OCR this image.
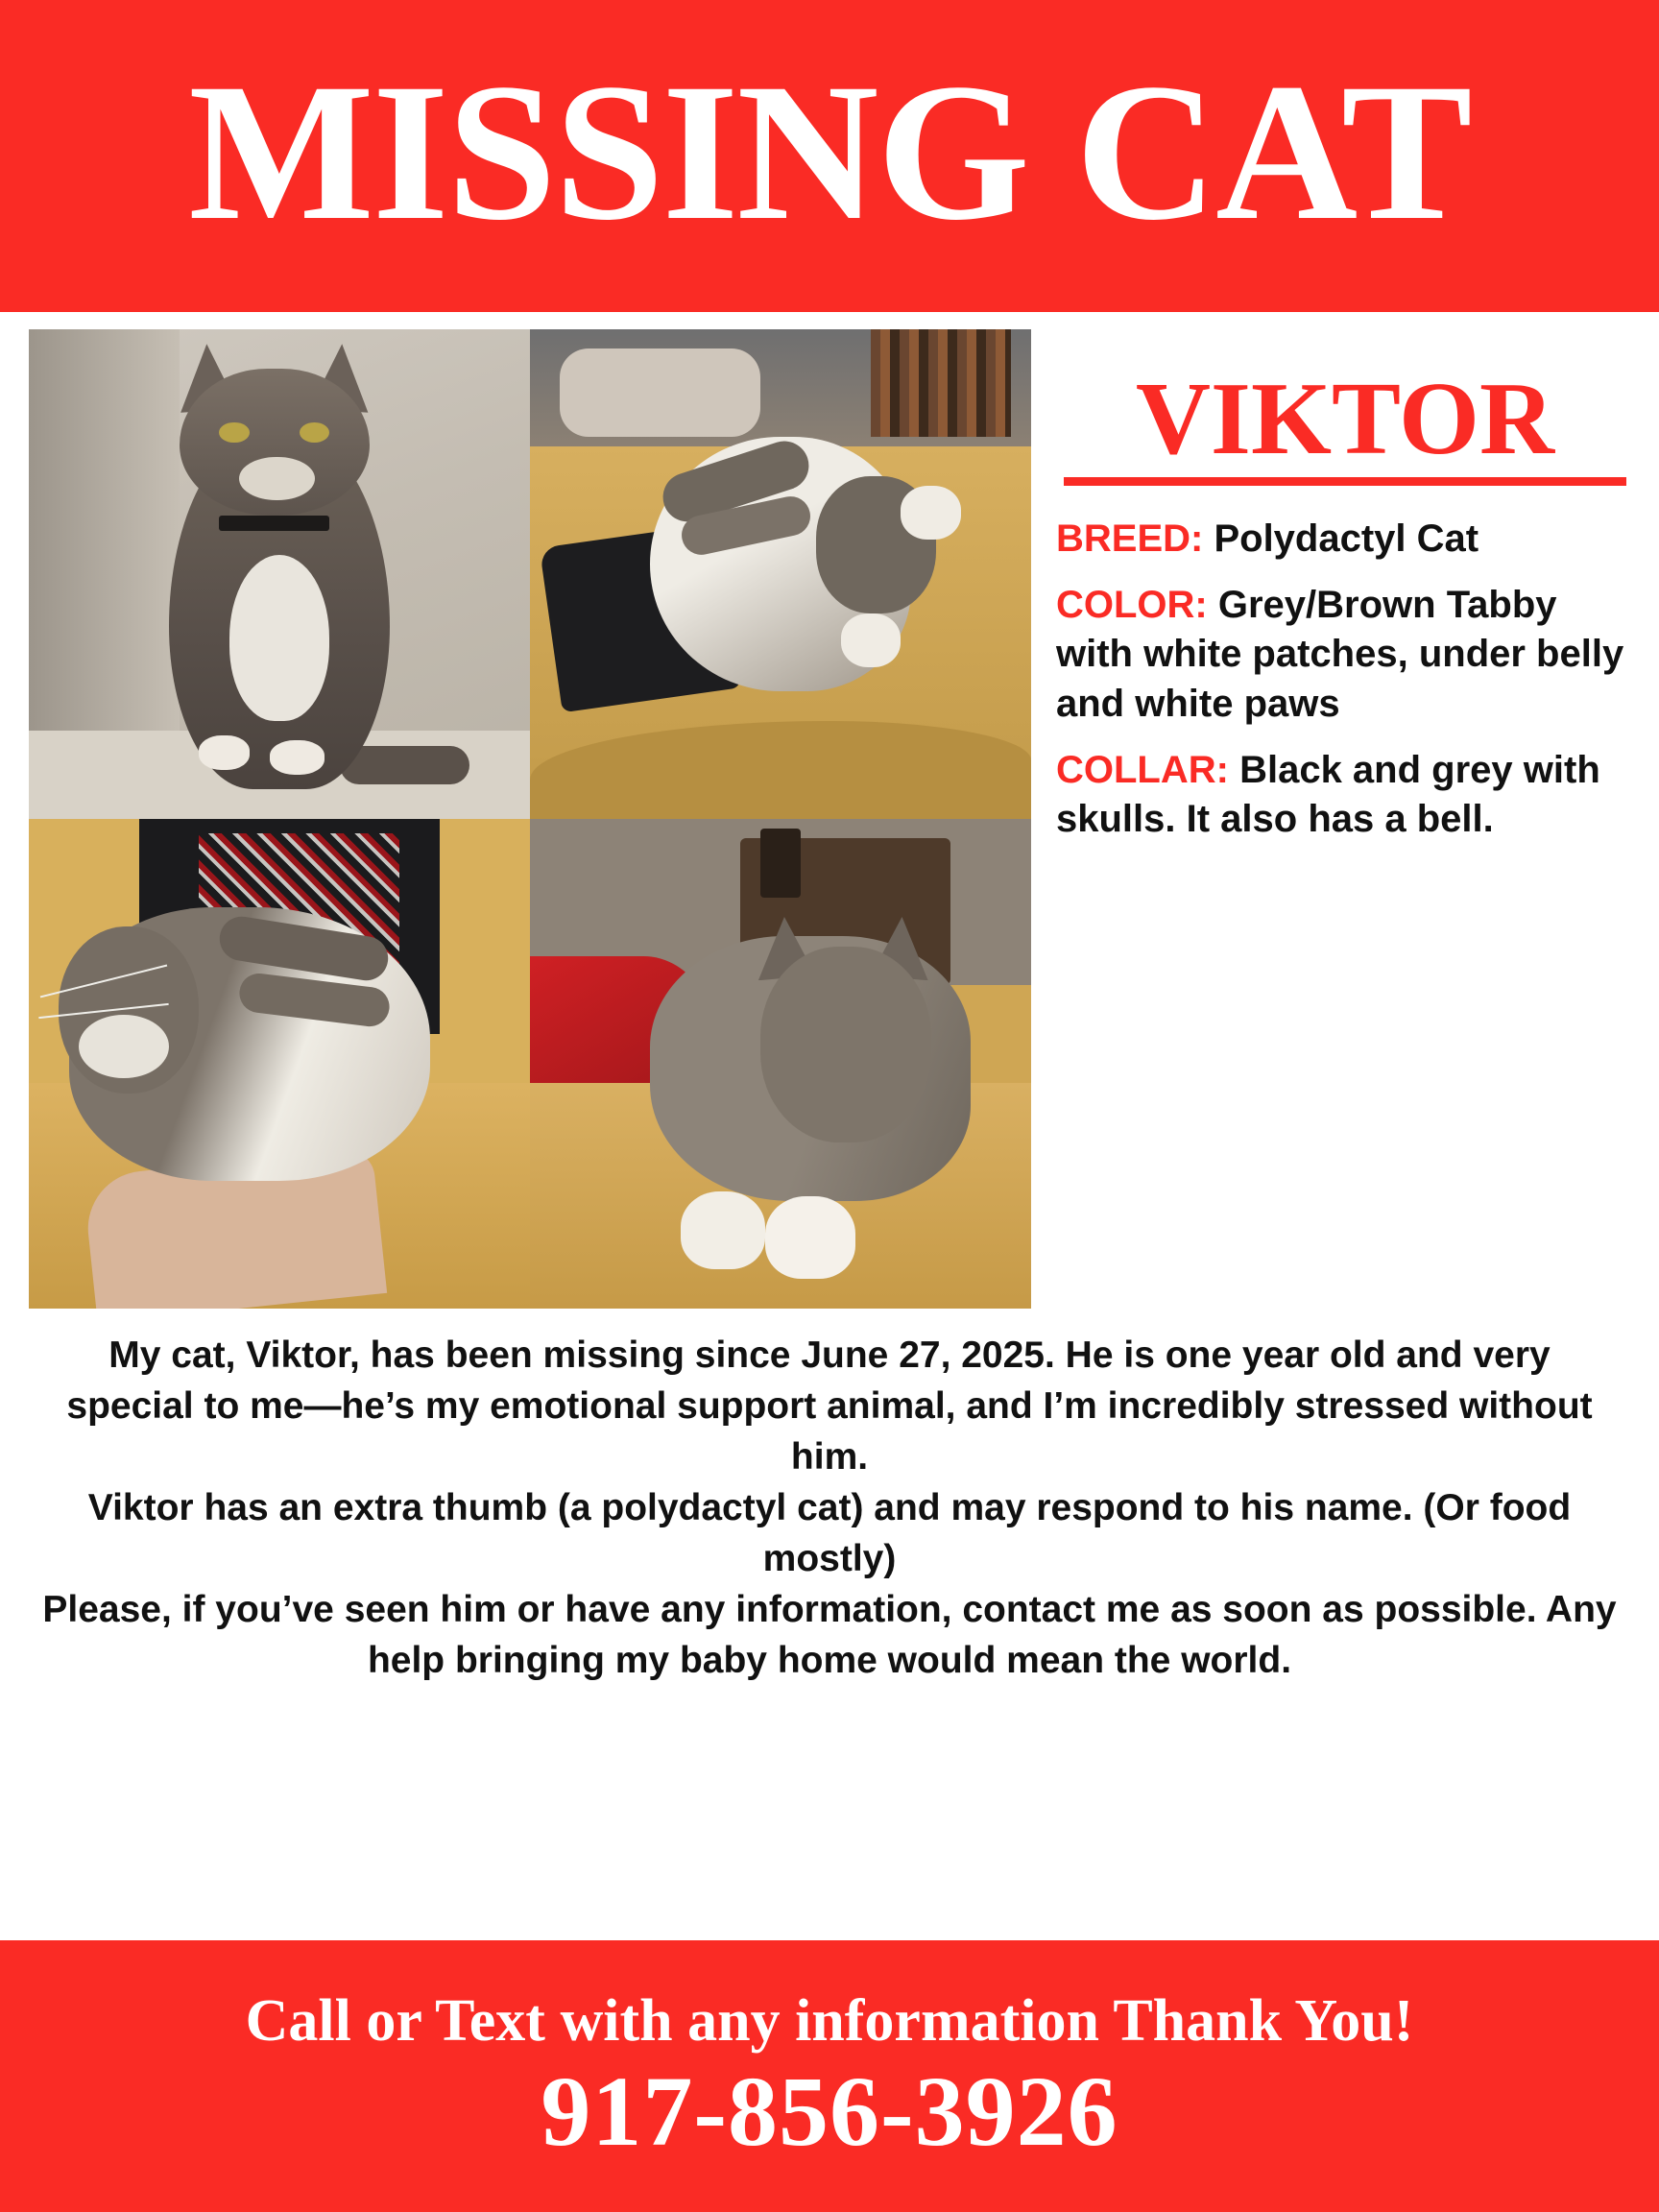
MISSING CAT
VIKTOR
BREED: Polydactyl Cat
COLOR: Grey/Brown Tabby with white patches, under belly and white paws
COLLAR: Black and grey with skulls. It also has a bell.

My cat, Viktor, has been missing since June 27, 2025. He is one year old and very special to me—he’s my emotional support animal, and I’m incredibly stressed without him.

Viktor has an extra thumb (a polydactyl cat) and may respond to his name. (Or food mostly)

Please, if you’ve seen him or have any information, contact me as soon as possible. Any help bringing my baby home would mean the world.

Call or Text with any information Thank You!
917-856-3926
